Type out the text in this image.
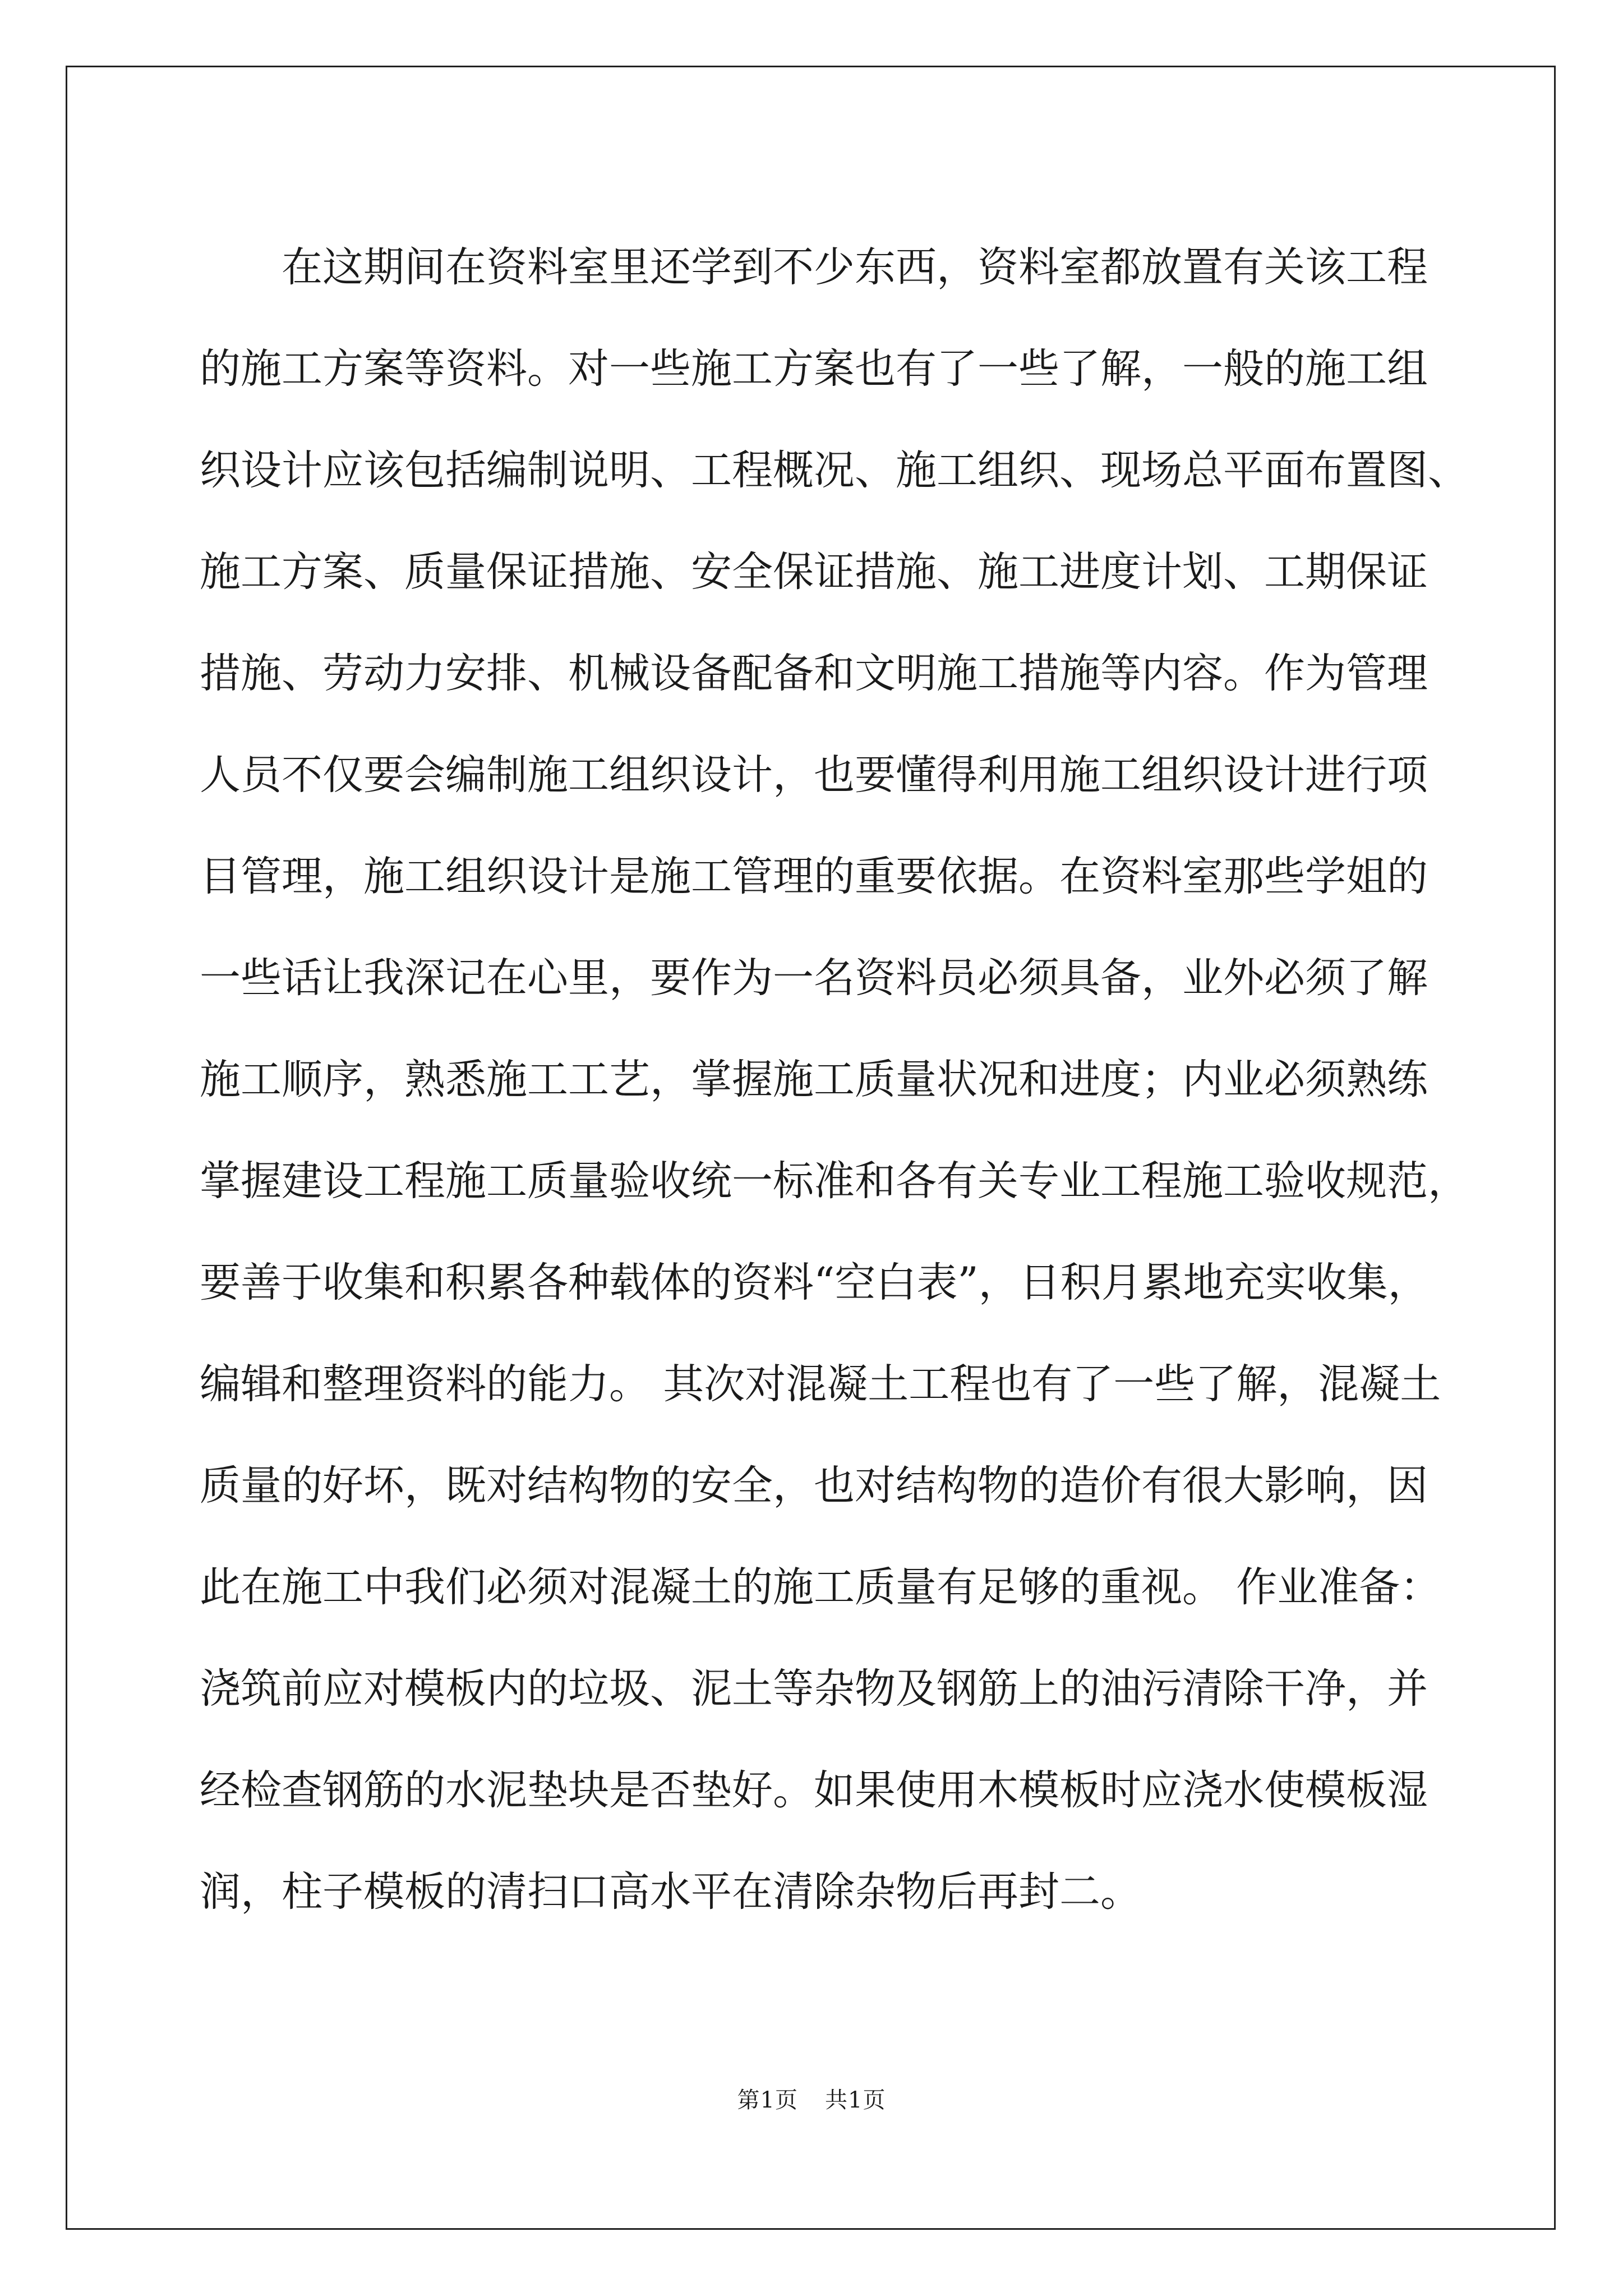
在这期间在资料室里还学到不少东西，资料室都放置有关该工程
的施工方案等资料。对一些施工方案也有了一些了解，一般的施工组
织设计应该包括编制说明、工程概况、施工组织、现场总平面布置图、
施工方案、质量保证措施、安全保证措施、施工进度计划、工期保证
措施、劳动力安排、机械设备配备和文明施工措施等内容。作为管理
人员不仅要会编制施工组织设计，也要懂得利用施工组织设计进行项
目管理，施工组织设计是施工管理的重要依据。在资料室那些学姐的
一些话让我深记在心里，要作为一名资料员必须具备，业外必须了解
施工顺序，熟悉施工工艺，掌握施工质量状况和进度；内业必须熟练
掌握建设工程施工质量验收统一标准和各有关专业工程施工验收规范，
要善于收集和积累各种载体的资料“空白表”，日积月累地充实收集，
编辑和整理资料的能力。 其次对混凝土工程也有了一些了解，混凝土
质量的好坏，既对结构物的安全，也对结构物的造价有很大影响，因
此在施工中我们必须对混凝土的施工质量有足够的重视。 作业准备：
浇筑前应对模板内的垃圾、泥土等杂物及钢筋上的油污清除干净，并
经检查钢筋的水泥垫块是否垫好。如果使用木模板时应浇水使模板湿
润，柱子模板的清扫口高水平在清除杂物后再封二。
第1页 共1页
